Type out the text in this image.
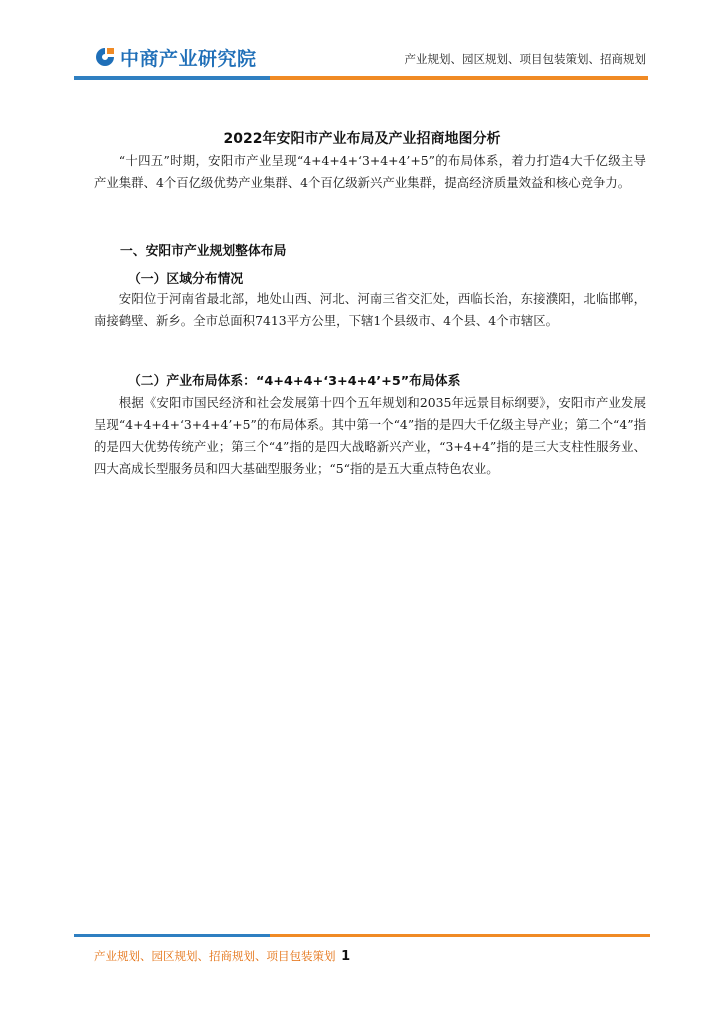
中商产业研究院	产业规划、园区规划、项目包装策划、招商规划
2022年安阳市产业布局及产业招商地图分析

“十四五”时期，安阳市产业呈现“4+4+4+‘3+4+4’+5”的布局体系，着力打造4大千亿级主导产业集群、4个百亿级优势产业集群、4个百亿级新兴产业集群，提高经济质量效益和核心竞争力。

一、安阳市产业规划整体布局
（一）区域分布情况

安阳位于河南省最北部，地处山西、河北、河南三省交汇处，西临长治，东接濮阳，北临邯郸，南接鹤壁、新乡。全市总面积7413平方公里，下辖1个县级市、4个县、4个市辖区。

（二）产业布局体系：“4+4+4+‘3+4+4’+5”布局体系

根据《安阳市国民经济和社会发展第十四个五年规划和2035年远景目标纲要》，安阳市产业发展呈现“4+4+4+‘3+4+4’+5”的布局体系。其中第一个“4”指的是四大千亿级主导产业；第二个“4”指的是四大优势传统产业；第三个“4”指的是四大战略新兴产业，“3+4+4”指的是三大支柱性服务业、四大高成长型服务员和四大基础型服务业；“5“指的是五大重点特色农业。

产业规划、园区规划、招商规划、项目包装策划 1
